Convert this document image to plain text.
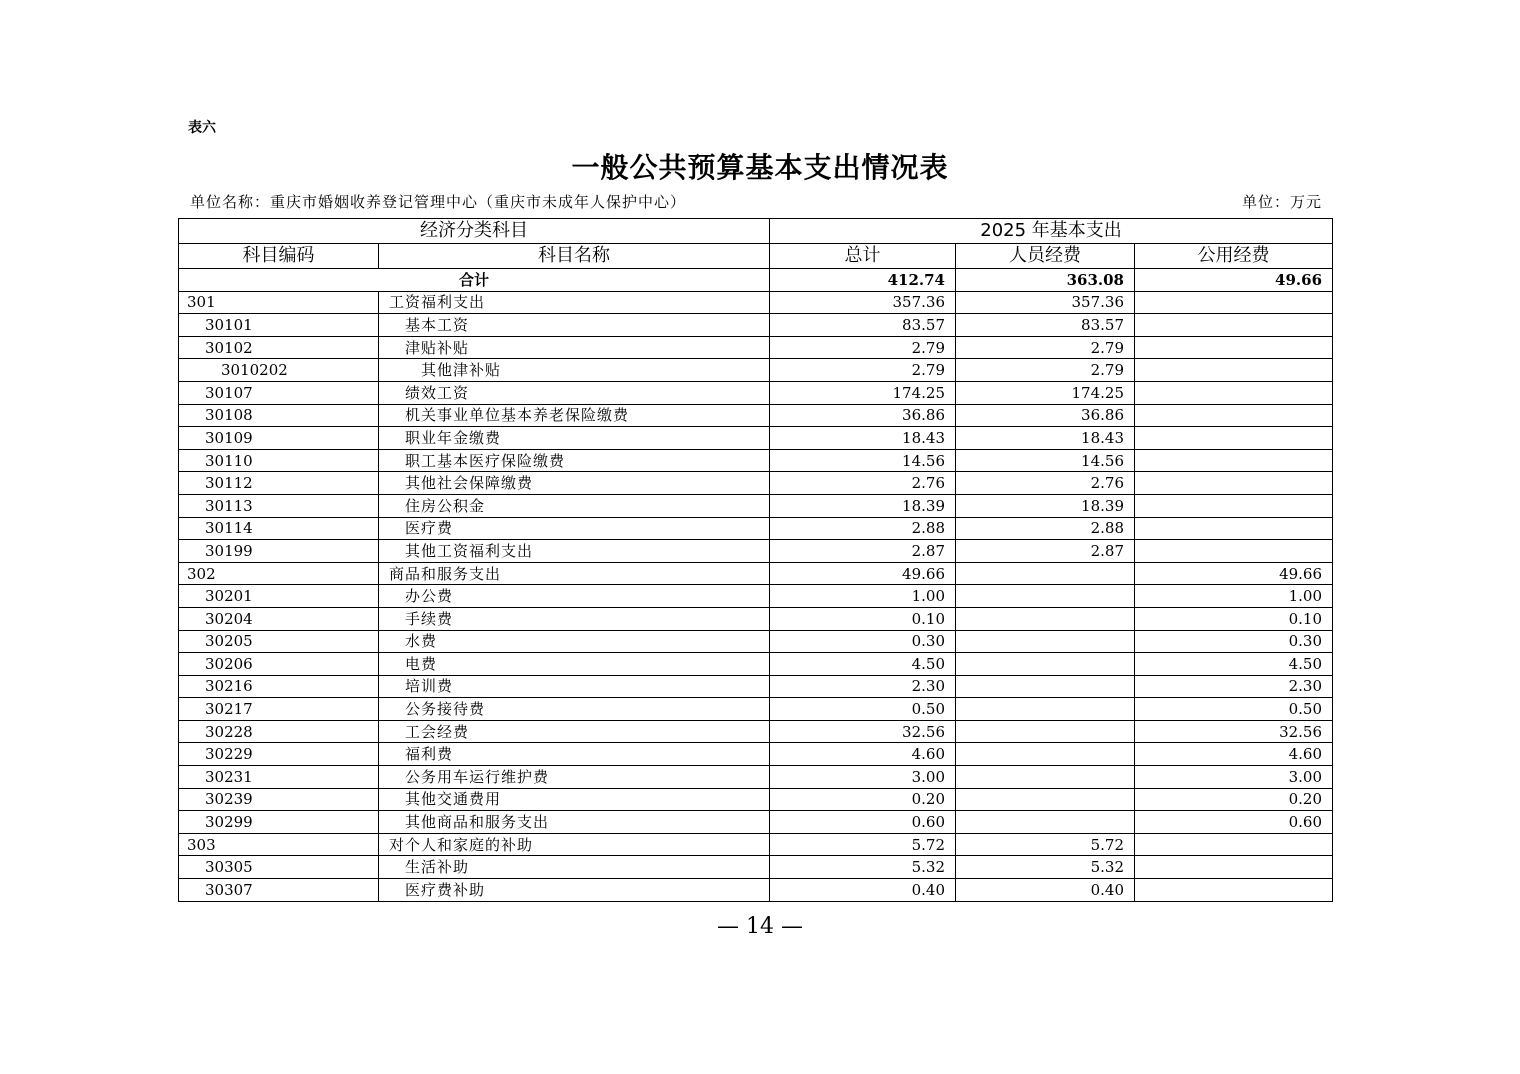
表六
一般公共预算基本支出情况表
单位名称：重庆市婚姻收养登记管理中心（重庆市未成年人保护中心）	单位：万元
经济分类科目		2025 年基本支出		
科目编码	科目名称	总计	人员经费	公用经费
合计		412.74	363.08	49.66
301	工资福利支出	357.36	357.36	
30101	基本工资	83.57	83.57	
30102	津贴补贴	2.79	2.79	
3010202	其他津补贴	2.79	2.79	
30107	绩效工资	174.25	174.25	
30108	机关事业单位基本养老保险缴费	36.86	36.86	
30109	职业年金缴费	18.43	18.43	
30110	职工基本医疗保险缴费	14.56	14.56	
30112	其他社会保障缴费	2.76	2.76	
30113	住房公积金	18.39	18.39	
30114	医疗费	2.88	2.88	
30199	其他工资福利支出	2.87	2.87	
302	商品和服务支出	49.66		49.66
30201	办公费	1.00		1.00
30204	手续费	0.10		0.10
30205	水费	0.30		0.30
30206	电费	4.50		4.50
30216	培训费	2.30		2.30
30217	公务接待费	0.50		0.50
30228	工会经费	32.56		32.56
30229	福利费	4.60		4.60
30231	公务用车运行维护费	3.00		3.00
30239	其他交通费用	0.20		0.20
30299	其他商品和服务支出	0.60		0.60
303	对个人和家庭的补助	5.72	5.72	
30305	生活补助	5.32	5.32	
30307	医疗费补助	0.40	0.40	
— 14 —
